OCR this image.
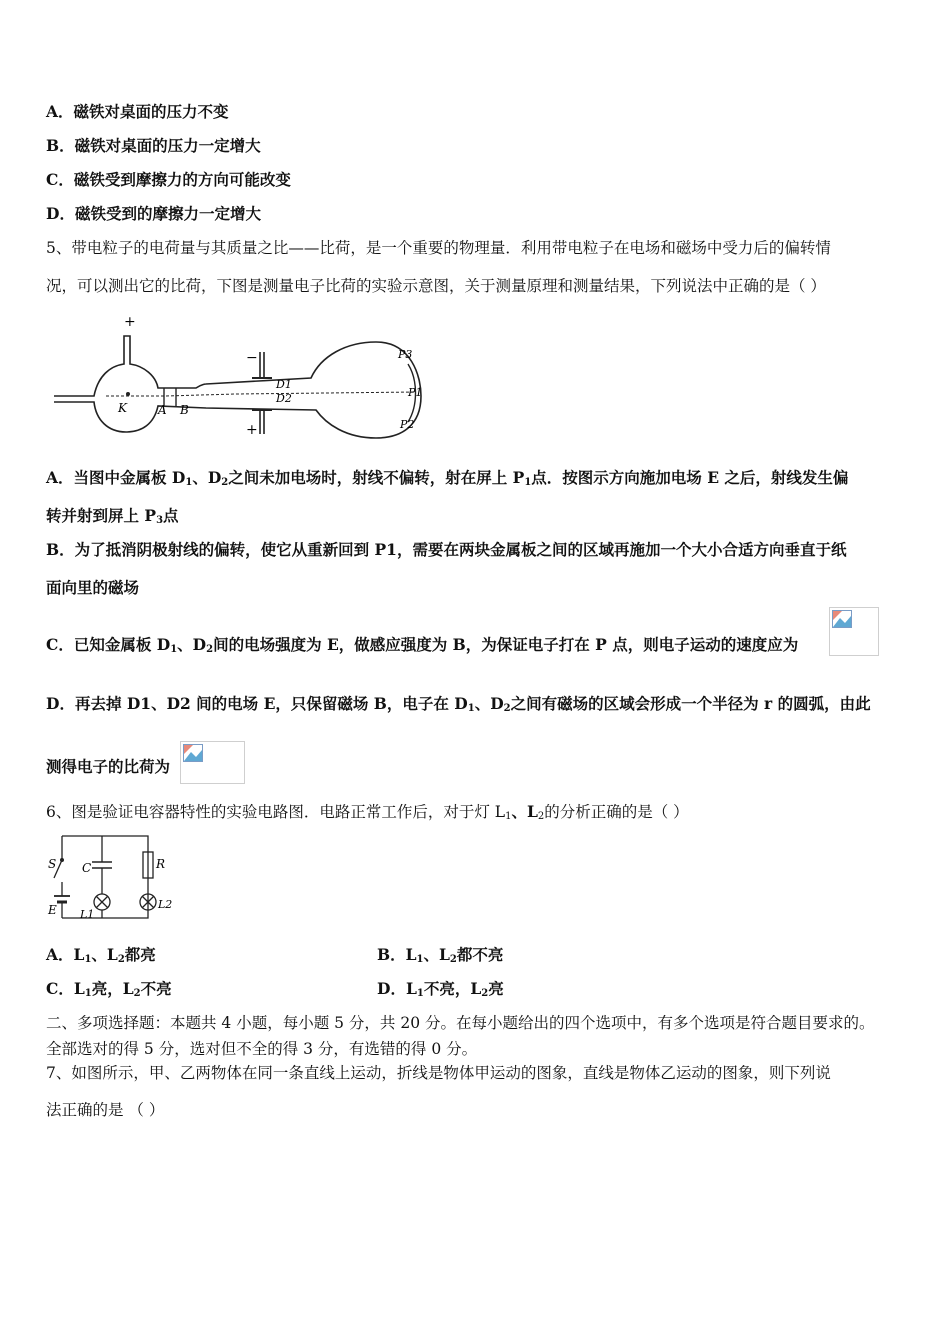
A．磁铁对桌面的压力不变
B．磁铁对桌面的压力一定增大
C．磁铁受到摩擦力的方向可能改变
D．磁铁受到的摩擦力一定增大
5、带电粒子的电荷量与其质量之比——比荷，是一个重要的物理量．利用带电粒子在电场和磁场中受力后的偏转情
况，可以测出它的比荷，下图是测量电子比荷的实验示意图，关于测量原理和测量结果，下列说法中正确的是（ ）
+
−
+
K	A B
D1
D2
P3
P1
P2
A．当图中金属板 $D_1$、$D_2$之间未加电场时，射线不偏转，射在屏上 $P_1$点．按图示方向施加电场 E 之后，射线发生偏
转并射到屏上 $P_3$点
B．为了抵消阴极射线的偏转，使它从重新回到 P1，需要在两块金属板之间的区域再施加一个大小合适方向垂直于纸
面向里的磁场
C．已知金属板 $D_1$、$D_2$间的电场强度为 E，做感应强度为 B，为保证电子打在 P 点，则电子运动的速度应为
D．再去掉 D1、D2 间的电场 E，只保留磁场 B，电子在 $D_1$、$D_2$之间有磁场的区域会形成一个半径为 r 的圆弧，由此
测得电子的比荷为
6、图是验证电容器特性的实验电路图．电路正常工作后，对于灯 $L_1$、$L_2$的分析正确的是（ ）
S C	R
E L1
L2
A．$L_1$、$L_2$都亮	B．$L_1$、$L_2$都不亮
C．$L_1$亮，$L_2$不亮	D．$L_1$不亮，$L_2$亮
二、多项选择题：本题共 4 小题，每小题 5 分，共 20 分。在每小题给出的四个选项中，有多个选项是符合题目要求的。
全部选对的得 5 分，选对但不全的得 3 分，有选错的得 0 分。
7、如图所示，甲、乙两物体在同一条直线上运动，折线是物体甲运动的图象，直线是物体乙运动的图象，则下列说
法正确的是 （ ）
